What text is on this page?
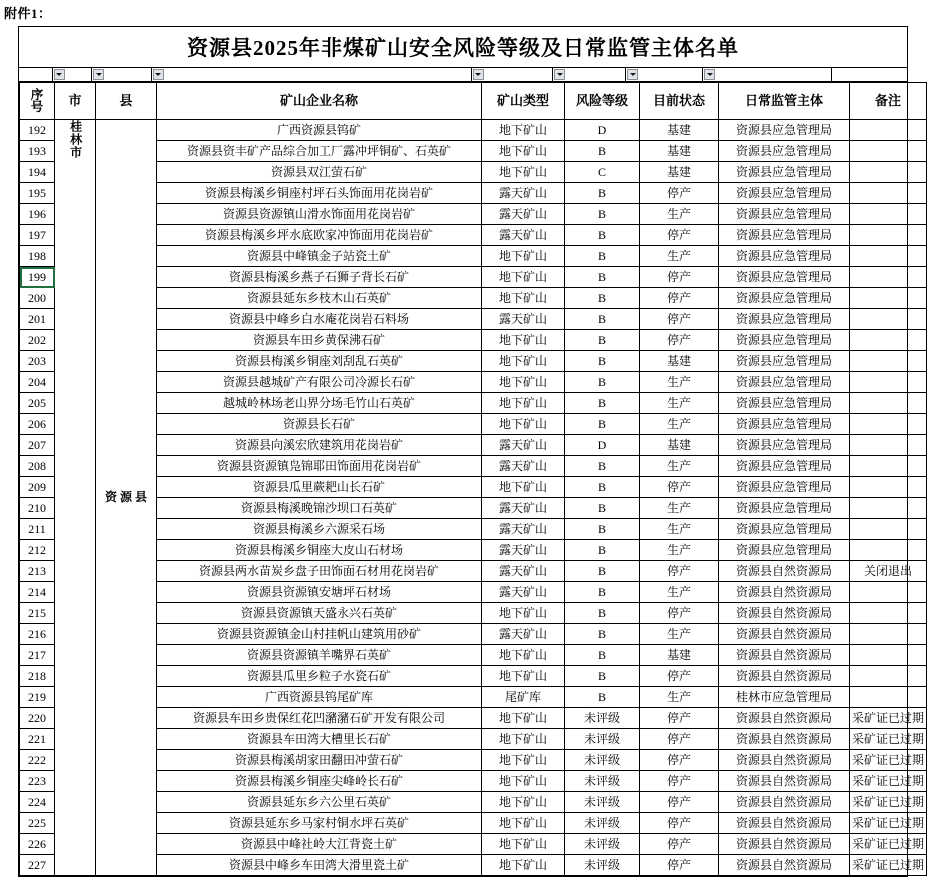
附件1：
资源县2025年非煤矿山安全风险等级及日常监管主体名单
序
号	市	县	矿山企业名称	矿山类型	风险等级	目前状态	日常监管主体	备注
192	桂林市	资 源 县	广西资源县钨矿	地下矿山	D	基建	资源县应急管理局	
193			资源县资丰矿产品综合加工厂露冲坪铜矿、石英矿	地下矿山	B	基建	资源县应急管理局	
194			资源县双江萤石矿	地下矿山	C	基建	资源县应急管理局	
195			资源县梅溪乡铜座村坪石头饰面用花岗岩矿	露天矿山	B	停产	资源县应急管理局	
196			资源县资源镇山滑水饰面用花岗岩矿	露天矿山	B	生产	资源县应急管理局	
197			资源县梅溪乡坪水底欧家冲饰面用花岗岩矿	露天矿山	B	停产	资源县应急管理局	
198			资源县中峰镇金子站瓷土矿	地下矿山	B	生产	资源县应急管理局	
199			资源县梅溪乡燕子石狮子背长石矿	地下矿山	B	停产	资源县应急管理局	
200			资源县延东乡枝木山石英矿	地下矿山	B	停产	资源县应急管理局	
201			资源县中峰乡白水庵花岗岩石料场	露天矿山	B	停产	资源县应急管理局	
202			资源县车田乡黄保沸石矿	地下矿山	B	停产	资源县应急管理局	
203			资源县梅溪乡铜座刘刮乱石英矿	地下矿山	B	基建	资源县应急管理局	
204			资源县越城矿产有限公司冷源长石矿	地下矿山	B	生产	资源县应急管理局	
205			越城岭林场老山界分场毛竹山石英矿	地下矿山	B	生产	资源县应急管理局	
206			资源县长石矿	地下矿山	B	生产	资源县应急管理局	
207			资源县向溪宏欣建筑用花岗岩矿	露天矿山	D	基建	资源县应急管理局	
208			资源县资源镇凫锦耶田饰面用花岗岩矿	露天矿山	B	生产	资源县应急管理局	
209			资源县瓜里蕨耙山长石矿	地下矿山	B	停产	资源县应急管理局	
210			资源县梅溪晚锦沙坝口石英矿	露天矿山	B	生产	资源县应急管理局	
211			资源县梅溪乡六源采石场	露天矿山	B	生产	资源县应急管理局	
212			资源县梅溪乡铜座大皮山石材场	露天矿山	B	生产	资源县应急管理局	
213			资源县两水苗炭乡盘子田饰面石材用花岗岩矿	露天矿山	B	停产	资源县自然资源局	关闭退出
214			资源县资源镇安塘坪石材场	露天矿山	B	生产	资源县自然资源局	
215			资源县资源镇天盛永兴石英矿	地下矿山	B	停产	资源县自然资源局	
216			资源县资源镇金山村挂帆山建筑用砂矿	露天矿山	B	生产	资源县自然资源局	
217			资源县资源镇羊嘴界石英矿	地下矿山	B	基建	资源县自然资源局	
218			资源县瓜里乡粒子水瓷石矿	地下矿山	B	停产	资源县自然资源局	
219			广西资源县钨尾矿库	尾矿库	B	生产	桂林市应急管理局	
220			资源县车田乡贵保红花凹瀦瀦石矿开发有限公司	地下矿山	未评级	停产	资源县自然资源局	采矿证已过期
221			资源县车田湾大槽里长石矿	地下矿山	未评级	停产	资源县自然资源局	采矿证已过期
222			资源县梅溪胡家田翻田冲萤石矿	地下矿山	未评级	停产	资源县自然资源局	采矿证已过期
223			资源县梅溪乡铜座尖峰岭长石矿	地下矿山	未评级	停产	资源县自然资源局	采矿证已过期
224			资源县延东乡六公里石英矿	地下矿山	未评级	停产	资源县自然资源局	采矿证已过期
225			资源县延东乡马家村铜水坪石英矿	地下矿山	未评级	停产	资源县自然资源局	采矿证已过期
226			资源县中峰社岭大江背瓷土矿	地下矿山	未评级	停产	资源县自然资源局	采矿证已过期
227			资源县中峰乡车田湾大滑里瓷土矿	地下矿山	未评级	停产	资源县自然资源局	采矿证已过期
